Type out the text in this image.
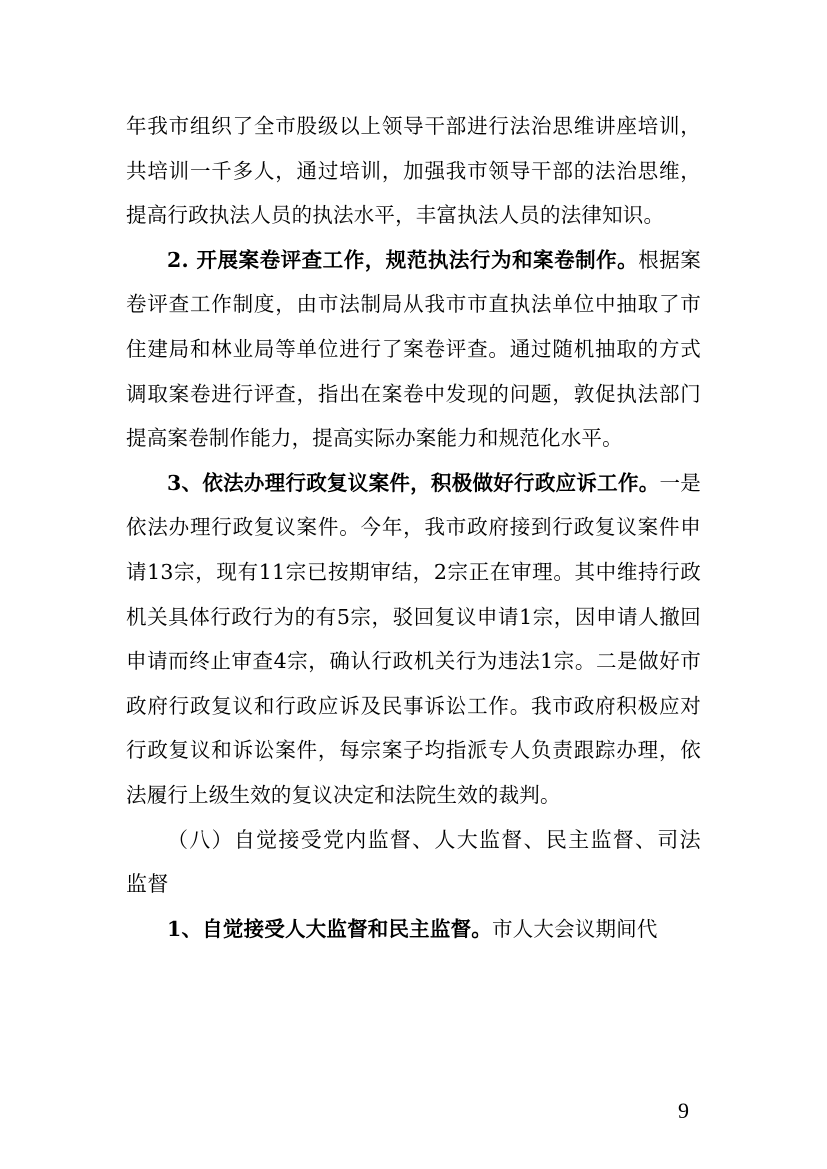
年我市组织了全市股级以上领导干部进行法治思维讲座培训，共培训一千多人，通过培训，加强我市领导干部的法治思维，提高行政执法人员的执法水平，丰富执法人员的法律知识。

2. 开展案卷评查工作，规范执法行为和案卷制作。根据案卷评查工作制度，由市法制局从我市市直执法单位中抽取了市住建局和林业局等单位进行了案卷评查。通过随机抽取的方式调取案卷进行评查，指出在案卷中发现的问题，敦促执法部门提高案卷制作能力，提高实际办案能力和规范化水平。

3、依法办理行政复议案件，积极做好行政应诉工作。一是依法办理行政复议案件。今年，我市政府接到行政复议案件申请13宗，现有11宗已按期审结，2宗正在审理。其中维持行政机关具体行政行为的有5宗，驳回复议申请1宗，因申请人撤回申请而终止审查4宗，确认行政机关行为违法1宗。二是做好市政府行政复议和行政应诉及民事诉讼工作。我市政府积极应对行政复议和诉讼案件，每宗案子均指派专人负责跟踪办理，依法履行上级生效的复议决定和法院生效的裁判。

（八）自觉接受党内监督、人大监督、民主监督、司法监督

1、自觉接受人大监督和民主监督。市人大会议期间代

9
